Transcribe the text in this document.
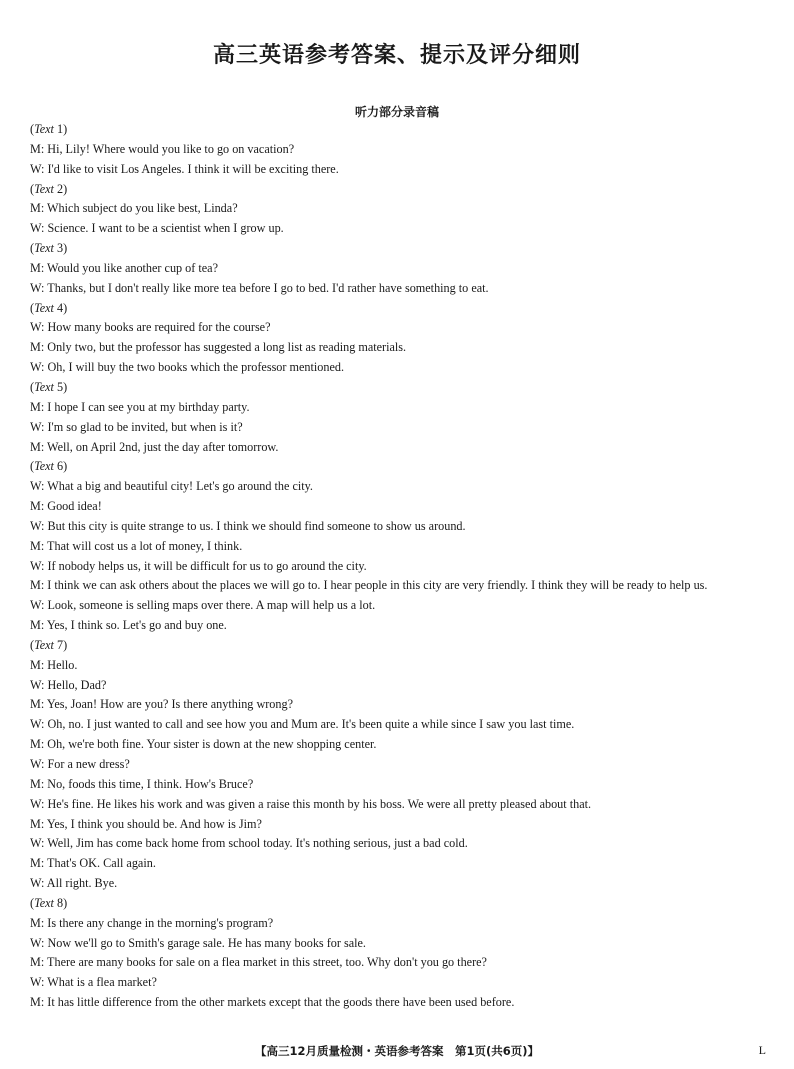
高三英语参考答案、提示及评分细则
听力部分录音稿
(Text 1)
M: Hi, Lily! Where would you like to go on vacation?
W: I'd like to visit Los Angeles. I think it will be exciting there.
(Text 2)
M: Which subject do you like best, Linda?
W: Science. I want to be a scientist when I grow up.
(Text 3)
M: Would you like another cup of tea?
W: Thanks, but I don't really like more tea before I go to bed. I'd rather have something to eat.
(Text 4)
W: How many books are required for the course?
M: Only two, but the professor has suggested a long list as reading materials.
W: Oh, I will buy the two books which the professor mentioned.
(Text 5)
M: I hope I can see you at my birthday party.
W: I'm so glad to be invited, but when is it?
M: Well, on April 2nd, just the day after tomorrow.
(Text 6)
W: What a big and beautiful city! Let's go around the city.
M: Good idea!
W: But this city is quite strange to us. I think we should find someone to show us around.
M: That will cost us a lot of money, I think.
W: If nobody helps us, it will be difficult for us to go around the city.
M: I think we can ask others about the places we will go to. I hear people in this city are very friendly. I think they will be ready to help us.
W: Look, someone is selling maps over there. A map will help us a lot.
M: Yes, I think so. Let's go and buy one.
(Text 7)
M: Hello.
W: Hello, Dad?
M: Yes, Joan! How are you? Is there anything wrong?
W: Oh, no. I just wanted to call and see how you and Mum are. It's been quite a while since I saw you last time.
M: Oh, we're both fine. Your sister is down at the new shopping center.
W: For a new dress?
M: No, foods this time, I think. How's Bruce?
W: He's fine. He likes his work and was given a raise this month by his boss. We were all pretty pleased about that.
M: Yes, I think you should be. And how is Jim?
W: Well, Jim has come back home from school today. It's nothing serious, just a bad cold.
M: That's OK. Call again.
W: All right. Bye.
(Text 8)
M: Is there any change in the morning's program?
W: Now we'll go to Smith's garage sale. He has many books for sale.
M: There are many books for sale on a flea market in this street, too. Why don't you go there?
W: What is a flea market?
M: It has little difference from the other markets except that the goods there have been used before.
【高三12月质量检测・英语参考答案　第1页(共6页)】	L
